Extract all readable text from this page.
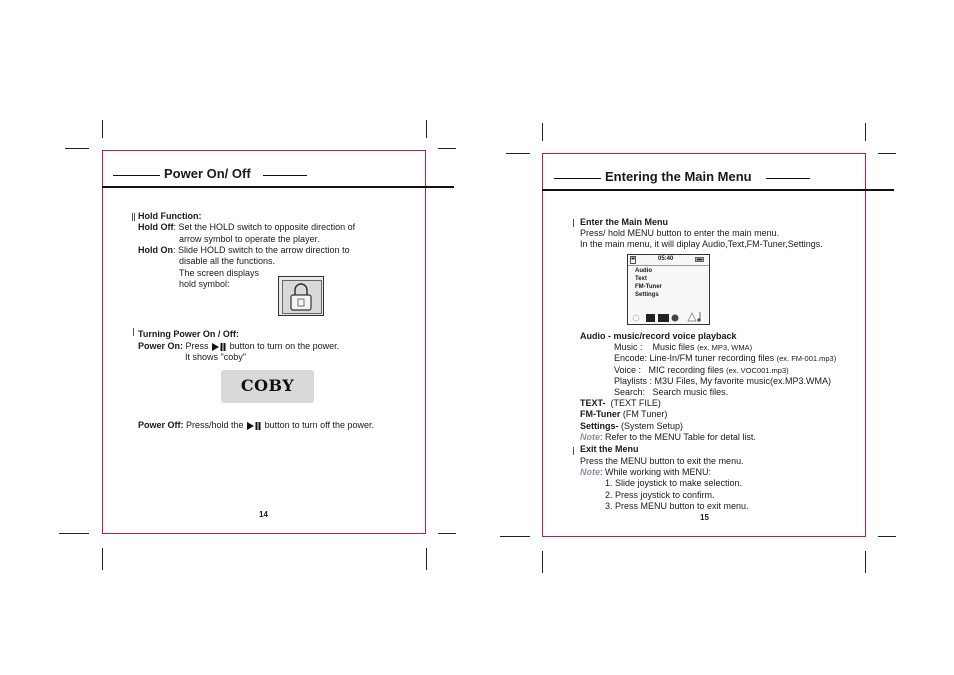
Power On/ Off
Hold Function:
Hold Off: Set the HOLD switch to opposite direction of
arrow symbol to operate the player.
Hold On: Slide HOLD switch to the arrow direction to
disable all the functions.
The screen displays
hold symbol:
Turning Power On / Off:
Power On: Press button to turn on the power.
It shows "coby"
COBY
Power Off: Press/hold the button to turn off the power.
14
Entering the Main Menu
Enter the Main Menu
Press/ hold MENU button to enter the main menu.
In the main menu, it will diplay Audio,Text,FM-Tuner,Settings.
05:40
Audio
Text
FM-Tuner
Settings
Audio - music/record voice playback
Music : Music files (ex. MP3, WMA)
Encode: Line-In/FM tuner recording files (ex. FM-001.mp3)
Voice : MIC recording files (ex. VOC001.mp3)
Playlists : M3U Files, My favorite music(ex.MP3.WMA)
Search: Search music files.
TEXT- (TEXT FILE)
FM-Tuner (FM Tuner)
Settings- (System Setup)
Note: Refer to the MENU Table for detal list.
Exit the Menu
Press the MENU button to exit the menu.
Note: While working with MENU:
1. Slide joystick to make selection.
2. Press joystick to confirm.
3. Press MENU button to exit menu.
15
